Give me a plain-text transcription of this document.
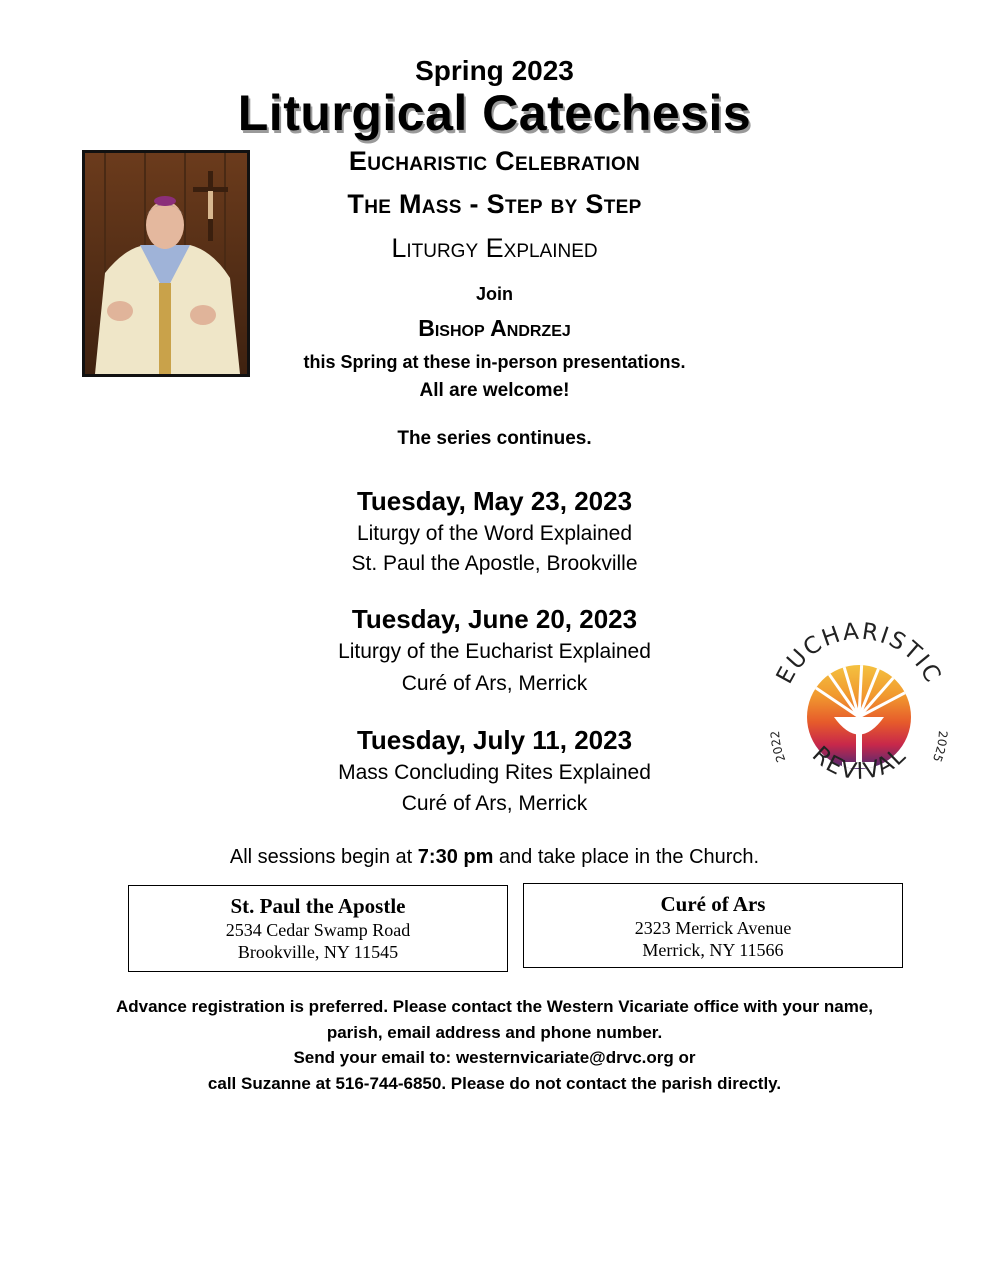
Spring 2023
Liturgical Catechesis
Eucharistic Celebration
The Mass - Step by Step
Liturgy Explained
Join
Bishop Andrzej
this Spring at these in-person presentations.
All are welcome!
The series continues.
Tuesday, May 23, 2023
Liturgy of the Word Explained
St. Paul the Apostle, Brookville
Tuesday, June 20, 2023
Liturgy of the Eucharist Explained
Curé of Ars, Merrick
Tuesday, July 11, 2023
Mass Concluding Rites Explained
Curé of Ars, Merrick
EUCHARISTIC
REVIVAL
2022	2025
All sessions begin at 7:30 pm and take place in the Church.
St. Paul the Apostle
2534 Cedar Swamp Road
Brookville, NY 11545
Curé of Ars
2323 Merrick Avenue
Merrick, NY 11566
Advance registration is preferred. Please contact the Western Vicariate office with your name,
parish, email address and phone number.
Send your email to: westernvicariate@drvc.org or
call Suzanne at 516-744-6850. Please do not contact the parish directly.
